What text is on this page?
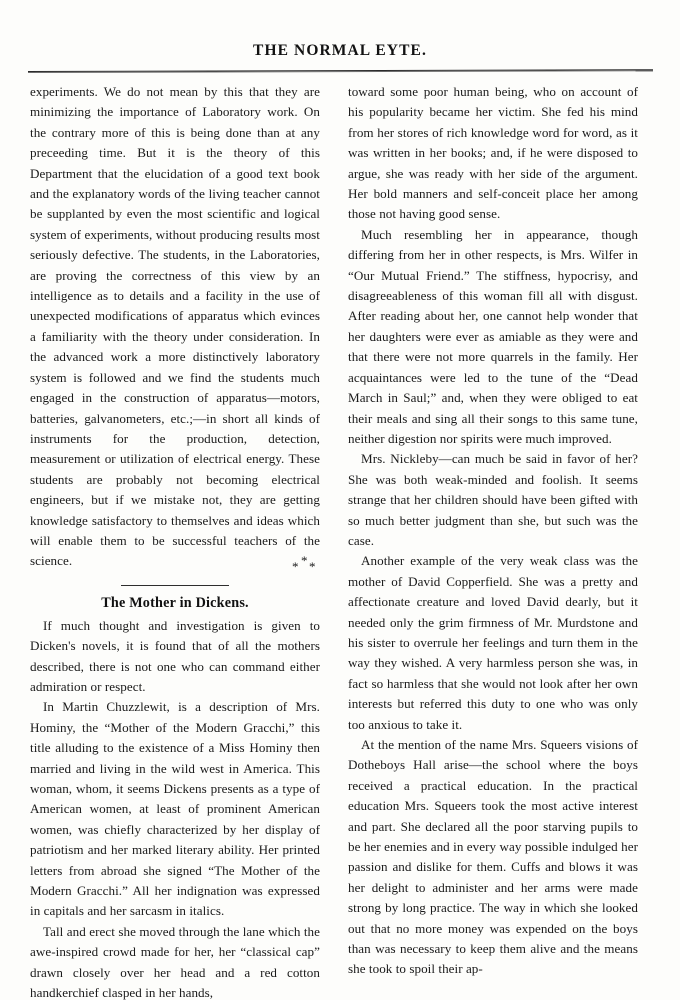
THE NORMAL EYTE.

experiments. We do not mean by this that they are minimizing the importance of Laboratory work. On the contrary more of this is being done than at any preceeding time. But it is the theory of this Department that the elucidation of a good text book and the explanatory words of the living teacher cannot be supplanted by even the most scientific and logical system of experiments, without producing results most seriously defective. The students, in the Laboratories, are proving the correctness of this view by an intelligence as to details and a facility in the use of unexpected modifications of apparatus which evinces a familiarity with the theory under consideration. In the advanced work a more distinctively laboratory system is followed and we find the students much engaged in the construction of apparatus—motors, batteries, galvanometers, etc.;—in short all kinds of instruments for the production, detection, measurement or utilization of electrical energy. These students are probably not becoming electrical engineers, but if we mistake not, they are getting knowledge satisfactory to themselves and ideas which will enable them to be successful teachers of the science.	*
* *
The Mother in Dickens.

If much thought and investigation is given to Dicken's novels, it is found that of all the mothers described, there is not one who can command either admiration or respect.

In Martin Chuzzlewit, is a description of Mrs. Hominy, the “Mother of the Modern Gracchi,” this title alluding to the existence of a Miss Hominy then married and living in the wild west in America. This woman, whom, it seems Dickens presents as a type of American women, at least of prominent American women, was chiefly characterized by her display of patriotism and her marked literary ability. Her printed letters from abroad she signed “The Mother of the Modern Gracchi.” All her indignation was expressed in capitals and her sarcasm in italics.

Tall and erect she moved through the lane which the awe-inspired crowd made for her, her “classical cap” drawn closely over her head and a red cotton handkerchief clasped in her hands,

toward some poor human being, who on account of his popularity became her victim. She fed his mind from her stores of rich knowledge word for word, as it was written in her books; and, if he were disposed to argue, she was ready with her side of the argument. Her bold manners and self-conceit place her among those not having good sense.

Much resembling her in appearance, though differing from her in other respects, is Mrs. Wilfer in “Our Mutual Friend.” The stiffness, hypocrisy, and disagreeableness of this woman fill all with disgust. After reading about her, one cannot help wonder that her daughters were ever as amiable as they were and that there were not more quarrels in the family. Her acquaintances were led to the tune of the “Dead March in Saul;” and, when they were obliged to eat their meals and sing all their songs to this same tune, neither digestion nor spirits were much improved.

Mrs. Nickleby—can much be said in favor of her? She was both weak-minded and foolish. It seems strange that her children should have been gifted with so much better judgment than she, but such was the case.

Another example of the very weak class was the mother of David Copperfield. She was a pretty and affectionate creature and loved David dearly, but it needed only the grim firmness of Mr. Murdstone and his sister to overrule her feelings and turn them in the way they wished. A very harmless person she was, in fact so harmless that she would not look after her own interests but referred this duty to one who was only too anxious to take it.

At the mention of the name Mrs. Squeers visions of Dotheboys Hall arise—the school where the boys received a practical education. In the practical education Mrs. Squeers took the most active interest and part. She declared all the poor starving pupils to be her enemies and in every way possible indulged her passion and dislike for them. Cuffs and blows it was her delight to administer and her arms were made strong by long practice. The way in which she looked out that no more money was expended on the boys than was necessary to keep them alive and the means she took to spoil their ap-
